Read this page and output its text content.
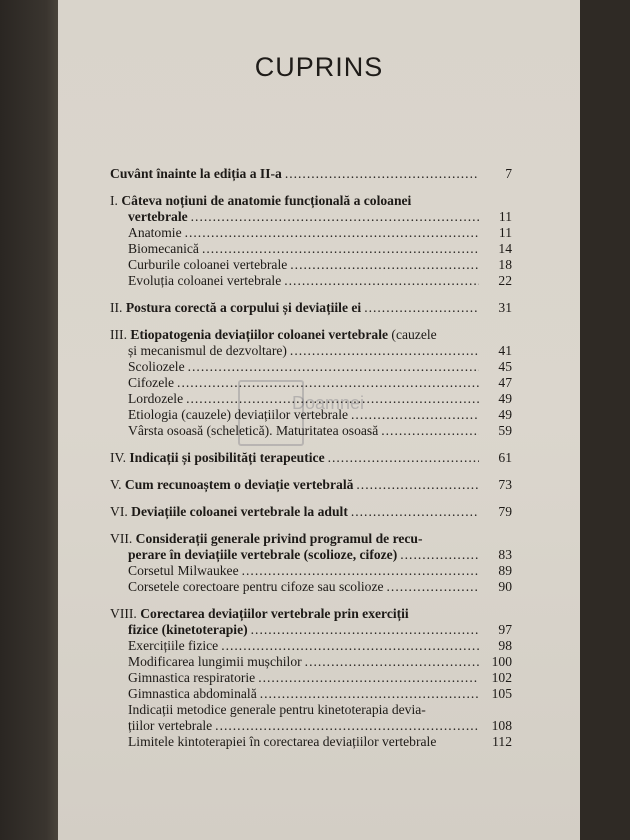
CUPRINS
Doamnei
Cuvânt înainte la ediția a II-a .....	7
I. Câteva noțiuni de anatomie funcțională a coloanei
vertebrale .....	11
Anatomie .....	11
Biomecanică .....	14
Curburile coloanei vertebrale .....	18
Evoluția coloanei vertebrale .....	22
II. Postura corectă a corpului și deviațiile ei .....	31
III. Etiopatogenia deviațiilor coloanei vertebrale (cauzele
și mecanismul de dezvoltare) .....	41
Scoliozele .....	45
Cifozele .....	47
Lordozele .....	49
Etiologia (cauzele) deviațiilor vertebrale .....	49
Vârsta osoasă (scheletică). Maturitatea osoasă .....	59
IV. Indicații și posibilități terapeutice .....	61
V. Cum recunoaștem o deviație vertebrală .....	73
VI. Deviațiile coloanei vertebrale la adult .....	79
VII. Considerații generale privind programul de recu-
perare în deviațiile vertebrale (scolioze, cifoze) .....	83
Corsetul Milwaukee .....	89
Corsetele corectoare pentru cifoze sau scolioze .....	90
VIII. Corectarea deviațiilor vertebrale prin exerciții
fizice (kinetoterapie) .....	97
Exercițiile fizice .....	98
Modificarea lungimii mușchilor .....	100
Gimnastica respiratorie .....	102
Gimnastica abdominală .....	105
Indicații metodice generale pentru kinetoterapia devia-
țiilor vertebrale .....	108
Limitele kintoterapiei în corectarea deviațiilor vertebrale	112
